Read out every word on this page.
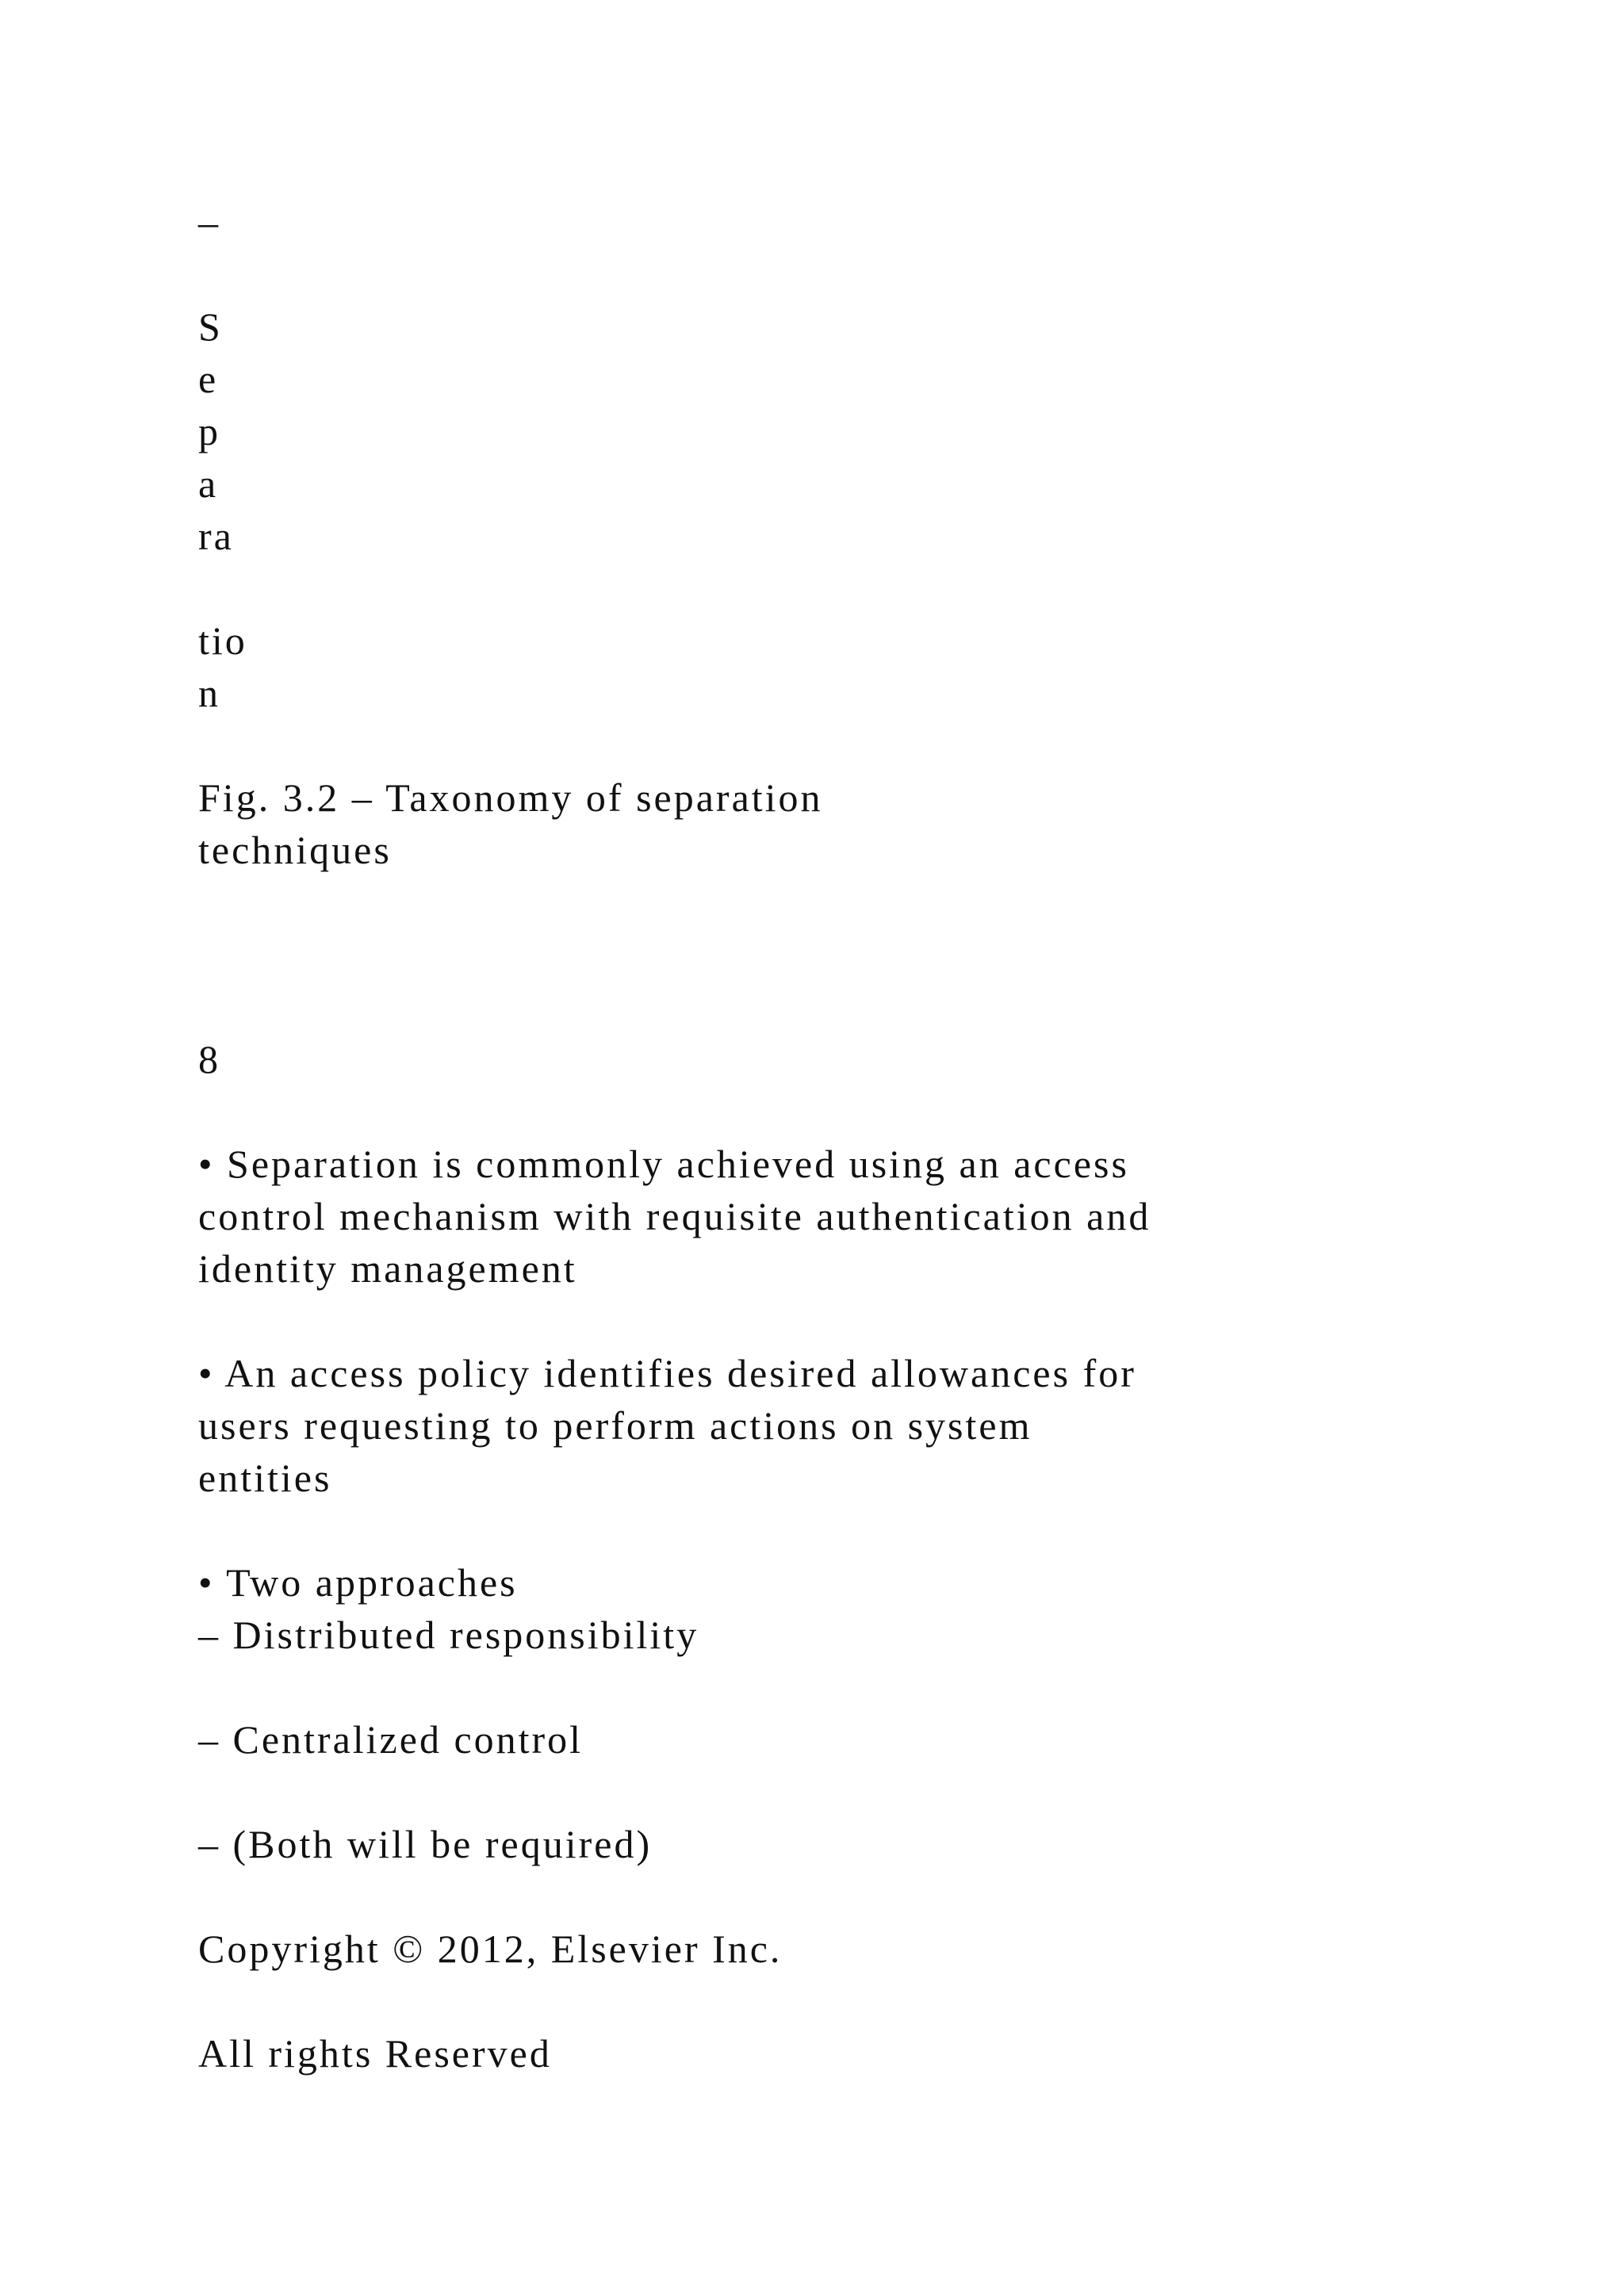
–

S

e

p

a

ra

tio

n

Fig. 3.2 – Taxonomy of separation

techniques

8

• Separation is commonly achieved using an access

control mechanism with requisite authentication and

identity management

• An access policy identifies desired allowances for

users requesting to perform actions on system

entities

• Two approaches

– Distributed responsibility

– Centralized control

– (Both will be required)

Copyright © 2012, Elsevier Inc.

All rights Reserved
